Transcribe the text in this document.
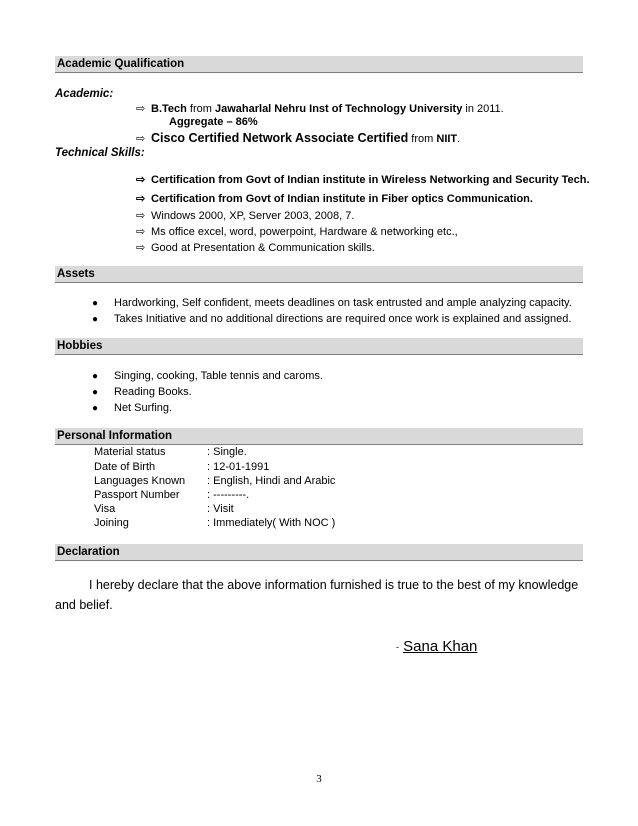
Academic Qualification
Academic:
⇨ B.Tech from Jawaharlal Nehru Inst of Technology University in 2011.
Aggregate – 86%
⇨ Cisco Certified Network Associate Certified from NIIT.
Technical Skills:
⇨ Certification from Govt of Indian institute in Wireless Networking and Security Tech.
⇨ Certification from Govt of Indian institute in Fiber optics Communication.
⇨ Windows 2000, XP, Server 2003, 2008, 7.
⇨ Ms office excel, word, powerpoint, Hardware & networking etc.,
⇨ Good at Presentation & Communication skills.
Assets
● Hardworking, Self confident, meets deadlines on task entrusted and ample analyzing capacity.
● Takes Initiative and no additional directions are required once work is explained and assigned.
Hobbies
● Singing, cooking, Table tennis and caroms.
● Reading Books.
● Net Surfing.
Personal Information
Material status	: Single.
Date of Birth	: 12-01-1991
Languages Known : English, Hindi and Arabic
Passport Number : ---------.
Visa	: Visit
Joining	: Immediately( With NOC )
Declaration
I hereby declare that the above information furnished is true to the best of my knowledge and belief.
- Sana Khan
3
